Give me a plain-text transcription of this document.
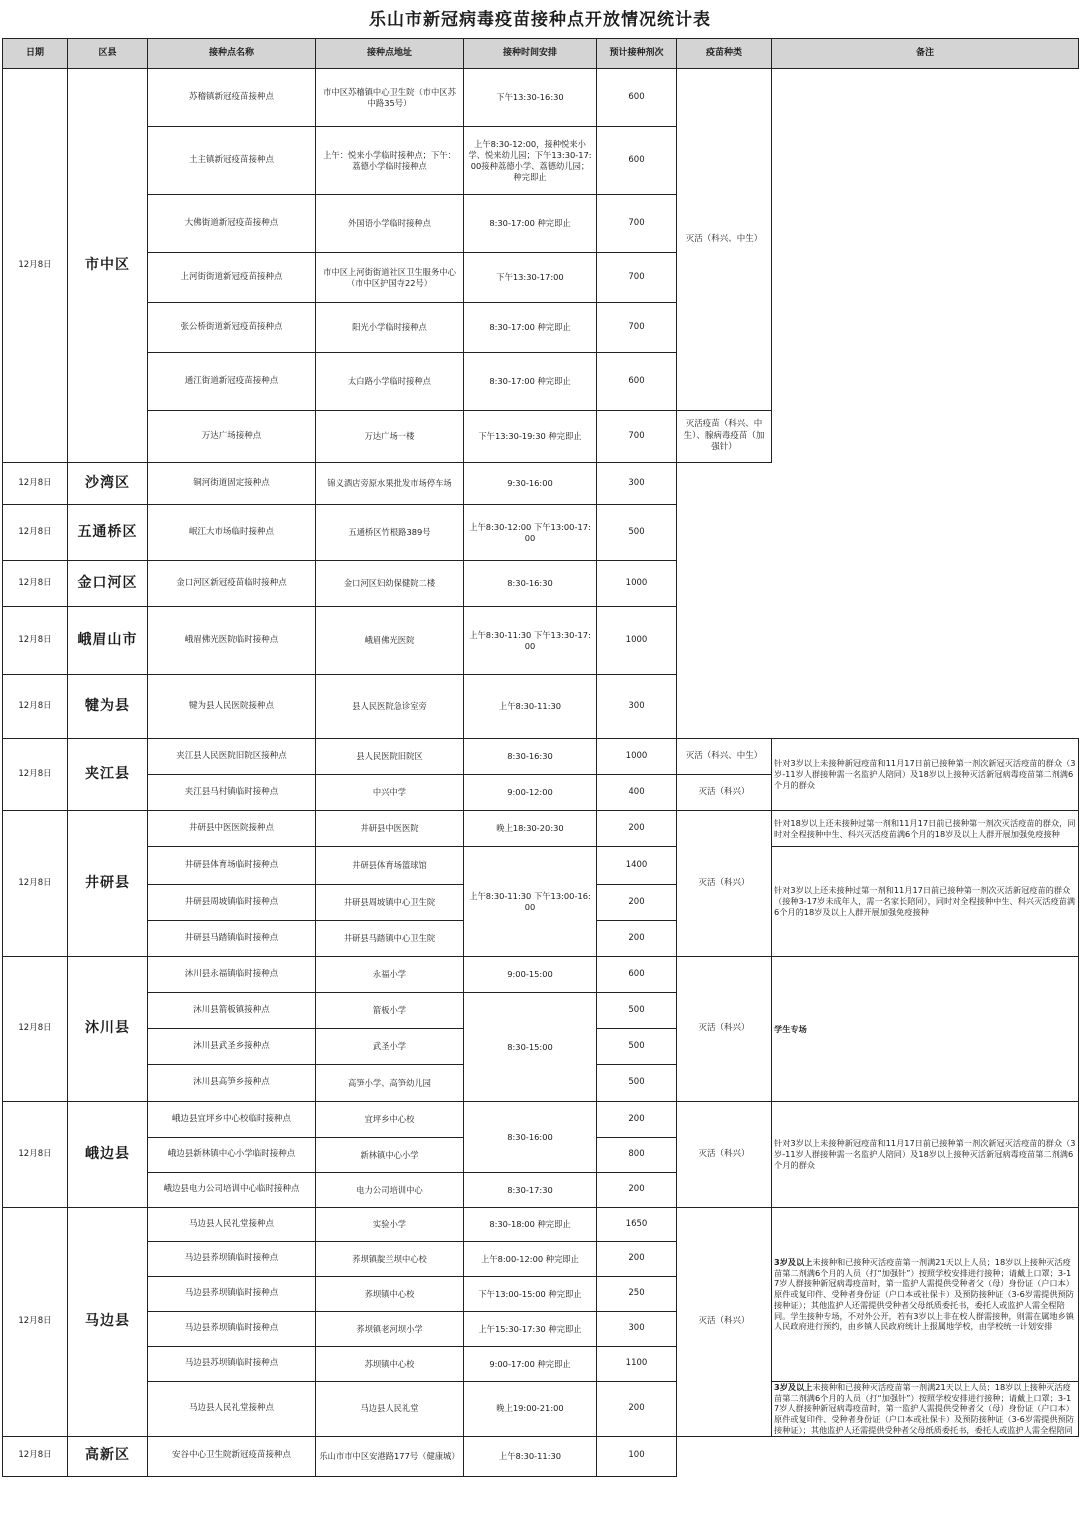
乐山市新冠病毒疫苗接种点开放情况统计表
日期	区县	接种点名称	接种点地址	接种时间安排	预计接种剂次	疫苗种类	备注
12月8日	市中区	苏稽镇新冠疫苗接种点	市中区苏稽镇中心卫生院（市中区苏中路35号）	下午13:30-16:30	600	灭活（科兴、中生）	
		土主镇新冠疫苗接种点	上午：悦来小学临时接种点；下午：荔德小学临时接种点	上午8:30-12:00，接种悦来小学、悦来幼儿园；下午13:30-17:00接种荔德小学、荔德幼儿园；种完即止	600		
		大佛街道新冠疫苗接种点	外国语小学临时接种点	8:30-17:00 种完即止	700		
		上河街街道新冠疫苗接种点	市中区上河街街道社区卫生服务中心（市中区护国寺22号）	下午13:30-17:00	700		
		张公桥街道新冠疫苗接种点	阳光小学临时接种点	8:30-17:00 种完即止	700		
		通江街道新冠疫苗接种点	太白路小学临时接种点	8:30-17:00 种完即止	600		
		万达广场接种点	万达广场一楼	下午13:30-19:30 种完即止	700	灭活疫苗（科兴、中生）、腺病毒疫苗（加强针）	
12月8日	沙湾区	铜河街道固定接种点	锦义酒店旁原水果批发市场停车场	9:30-16:00	300		
12月8日	五通桥区	岷江大市场临时接种点	五通桥区竹根路389号	上午8:30-12:00 下午13:00-17:00	500		
12月8日	金口河区	金口河区新冠疫苗临时接种点	金口河区妇幼保健院二楼	8:30-16:30	1000		
12月8日	峨眉山市	峨眉佛光医院临时接种点	峨眉佛光医院	上午8:30-11:30 下午13:30-17:00	1000		
12月8日	犍为县	犍为县人民医院接种点	县人民医院急诊室旁	上午8:30-11:30	300		
12月8日	夹江县	夹江县人民医院旧院区接种点	县人民医院旧院区	8:30-16:30	1000	灭活（科兴、中生）	针对3岁以上未接种新冠疫苗和11月17日前已接种第一剂次新冠灭活疫苗的群众（3岁-11岁人群接种需一名监护人陪同）及18岁以上接种灭活新冠病毒疫苗第二剂满6个月的群众
		夹江县马村镇临时接种点	中兴中学	9:00-12:00	400	灭活（科兴）	
12月8日	井研县	井研县中医医院接种点	井研县中医医院	晚上18:30-20:30	200	灭活（科兴）	针对18岁以上还未接种过第一剂和11月17日前已接种第一剂次灭活疫苗的群众，同时对全程接种中生、科兴灭活疫苗满6个月的18岁及以上人群开展加强免疫接种
		井研县体育场临时接种点	井研县体育场篮球馆	上午8:30-11:30 下午13:00-16:00	1400		针对3岁以上还未接种过第一剂和11月17日前已接种第一剂次灭活新冠疫苗的群众（接种3-17岁未成年人，需一名家长陪同），同时对全程接种中生、科兴灭活疫苗满6个月的18岁及以上人群开展加强免疫接种
		井研县周坡镇临时接种点	井研县周坡镇中心卫生院		200		
		井研县马踏镇临时接种点	井研县马踏镇中心卫生院		200		
12月8日	沐川县	沐川县永福镇临时接种点	永福小学	9:00-15:00	600	灭活（科兴）	学生专场
		沐川县箭板镇接种点	箭板小学	8:30-15:00	500		
		沐川县武圣乡接种点	武圣小学		500		
		沐川县高笋乡接种点	高笋小学、高笋幼儿园		500		
12月8日	峨边县	峨边县宜坪乡中心校临时接种点	宜坪乡中心校	8:30-16:00	200	灭活（科兴）	针对3岁以上未接种新冠疫苗和11月17日前已接种第一剂次新冠灭活疫苗的群众（3岁-11岁人群接种需一名监护人陪同）及18岁以上接种灭活新冠病毒疫苗第二剂满6个月的群众
		峨边县新林镇中心小学临时接种点	新林镇中心小学		800		
		峨边县电力公司培训中心临时接种点	电力公司培训中心	8:30-17:30	200		
12月8日	马边县	马边县人民礼堂接种点	实验小学	8:30-18:00 种完即止	1650	灭活（科兴）	3岁及以上未接种和已接种灭活疫苗第一剂满21天以上人员；18岁以上接种灭活疫苗第二剂满6个月的人员（打“加强针”）按照学校安排进行接种；请戴上口罩；3-17岁人群接种新冠病毒疫苗时，第一监护人需提供受种者父（母）身份证（户口本）原件或复印件、受种者身份证（户口本或社保卡）及预防接种证（3-6岁需提供预防接种证）；其他监护人还需提供受种者父母纸质委托书，委托人或监护人需全程陪同。学生接种专场，不对外公开，若有3岁以上非在校人群需接种，则需在属地乡镇人民政府进行预约，由乡镇人民政府统计上报属地学校，由学校统一计划安排
		马边县荞坝镇临时接种点	荞坝镇靛兰坝中心校	上午8:00-12:00 种完即止	200		
		马边县荞坝镇临时接种点	荞坝镇中心校	下午13:00-15:00 种完即止	250		
		马边县荞坝镇临时接种点	荞坝镇老河坝小学	上午15:30-17:30 种完即止	300		
		马边县苏坝镇临时接种点	苏坝镇中心校	9:00-17:00 种完即止	1100		
		马边县人民礼堂接种点	马边县人民礼堂	晚上19:00-21:00	200		3岁及以上未接种和已接种灭活疫苗第一剂满21天以上人员；18岁以上接种灭活疫苗第二剂满6个月的人员（打“加强针”）按照学校安排进行接种；请戴上口罩；3-17岁人群接种新冠病毒疫苗时，第一监护人需提供受种者父（母）身份证（户口本）原件或复印件、受种者身份证（户口本或社保卡）及预防接种证（3-6岁需提供预防接种证）；其他监护人还需提供受种者父母纸质委托书，委托人或监护人需全程陪同
12月8日	高新区	安谷中心卫生院新冠疫苗接种点	乐山市市中区安港路177号（健康城）	上午8:30-11:30	100		
